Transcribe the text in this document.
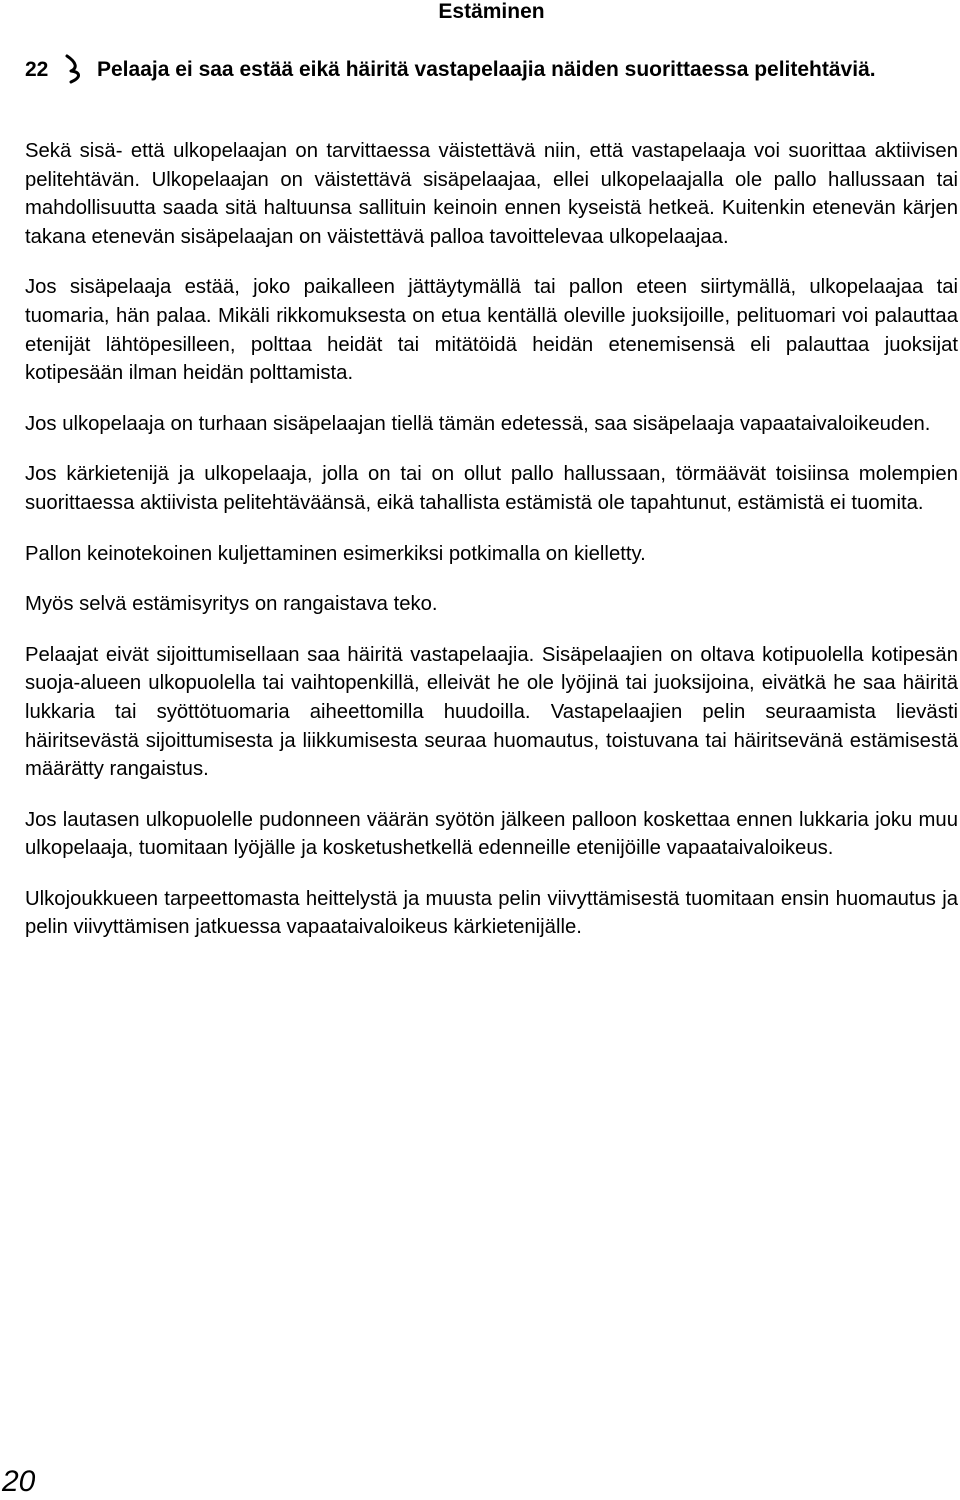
Estäminen
22 Pelaaja ei saa estää eikä häiritä vastapelaajia näiden suorittaessa pelitehtäviä.

Sekä sisä- että ulkopelaajan on tarvittaessa väistettävä niin, että vastapelaaja voi suorittaa aktiivisen pelitehtävän. Ulkopelaajan on väistettävä sisäpelaajaa, ellei ulkopelaajalla ole pallo hallussaan tai mahdollisuutta saada sitä haltuunsa sallituin keinoin ennen kyseistä hetkeä. Kuitenkin etenevän kärjen takana etenevän sisäpelaajan on väistettävä palloa tavoittelevaa ulkopelaajaa.

Jos sisäpelaaja estää, joko paikalleen jättäytymällä tai pallon eteen siirtymällä, ulkopelaajaa tai tuomaria, hän palaa. Mikäli rikkomuksesta on etua kentällä oleville juoksijoille, pelituomari voi palauttaa etenijät lähtöpesilleen, polttaa heidät tai mitätöidä heidän etenemisensä eli palauttaa juoksijat kotipesään ilman heidän polttamista.

Jos ulkopelaaja on turhaan sisäpelaajan tiellä tämän edetessä, saa sisäpelaaja vapaataivaloikeuden.

Jos kärkietenijä ja ulkopelaaja, jolla on tai on ollut pallo hallussaan, törmäävät toisiinsa molempien suorittaessa aktiivista pelitehtäväänsä, eikä tahallista estämistä ole tapahtunut, estämistä ei tuomita.

Pallon keinotekoinen kuljettaminen esimerkiksi potkimalla on kielletty.

Myös selvä estämisyritys on rangaistava teko.

Pelaajat eivät sijoittumisellaan saa häiritä vastapelaajia. Sisäpelaajien on oltava kotipuolella kotipesän suoja-alueen ulkopuolella tai vaihtopenkillä, elleivät he ole lyöjinä tai juoksijoina, eivätkä he saa häiritä lukkaria tai syöttötuomaria aiheettomilla huudoilla. Vastapelaajien pelin seuraamista lievästi häiritsevästä sijoittumisesta ja liikkumisesta seuraa huomautus, toistuvana tai häiritsevänä estämisestä määrätty rangaistus.

Jos lautasen ulkopuolelle pudonneen väärän syötön jälkeen palloon koskettaa ennen lukkaria joku muu ulkopelaaja, tuomitaan lyöjälle ja kosketushetkellä edenneille etenijöille vapaataivaloikeus.

Ulkojoukkueen tarpeettomasta heittelystä ja muusta pelin viivyttämisestä tuomitaan ensin huomautus ja pelin viivyttämisen jatkuessa vapaataivaloikeus kärkietenijälle.

20
